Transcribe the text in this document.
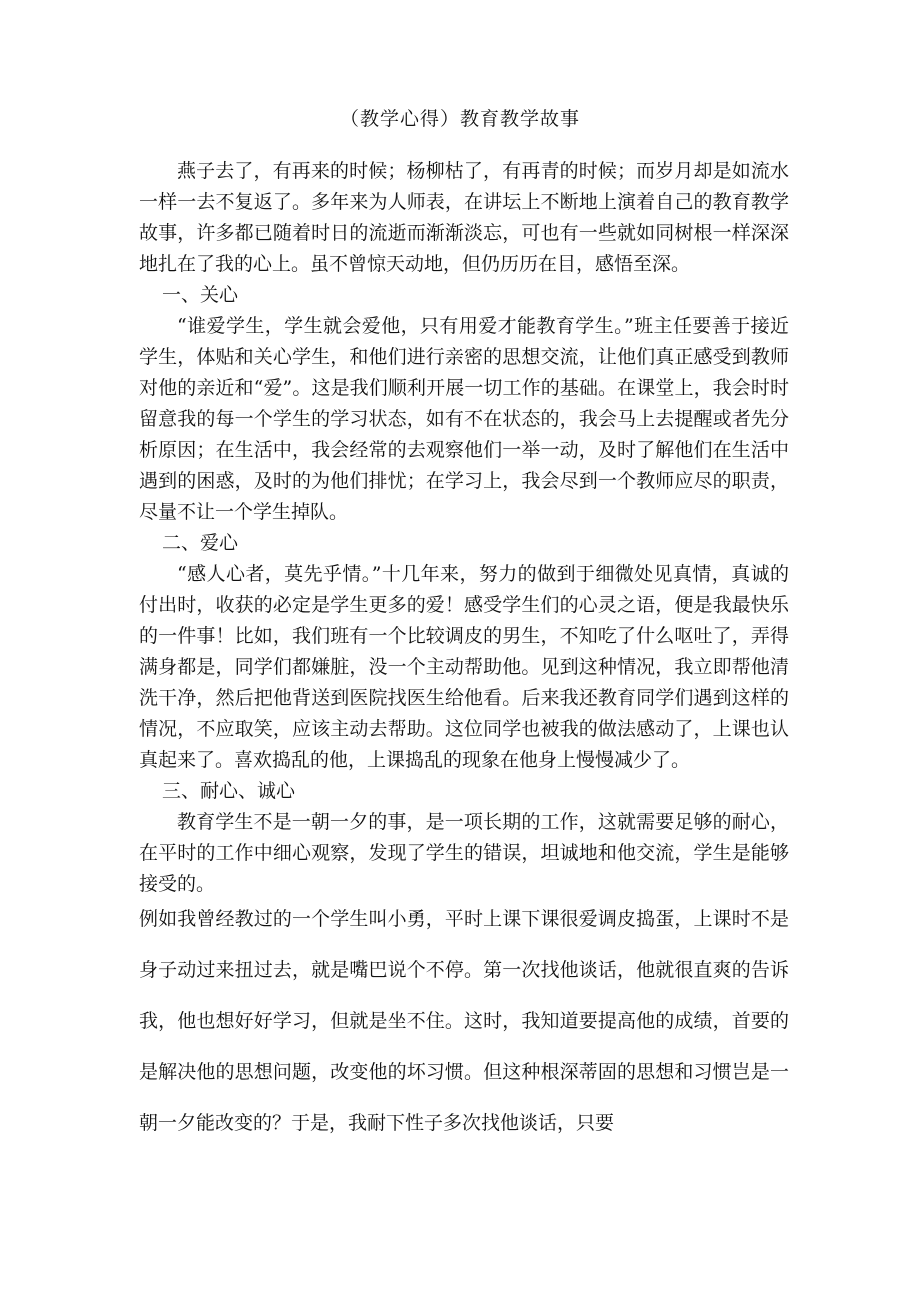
（教学心得）教育教学故事

燕子去了，有再来的时候；杨柳枯了，有再青的时候；而岁月却是如流水一样一去不复返了。多年来为人师表，在讲坛上不断地上演着自己的教育教学故事，许多都已随着时日的流逝而渐渐淡忘，可也有一些就如同树根一样深深地扎在了我的心上。虽不曾惊天动地，但仍历历在目，感悟至深。

一、关心

“谁爱学生，学生就会爱他，只有用爱才能教育学生。”班主任要善于接近学生，体贴和关心学生，和他们进行亲密的思想交流，让他们真正感受到教师对他的亲近和“爱”。这是我们顺利开展一切工作的基础。在课堂上，我会时时留意我的每一个学生的学习状态，如有不在状态的，我会马上去提醒或者先分析原因；在生活中，我会经常的去观察他们一举一动，及时了解他们在生活中遇到的困惑，及时的为他们排忧；在学习上，我会尽到一个教师应尽的职责，尽量不让一个学生掉队。

二、爱心

“感人心者，莫先乎情。”十几年来，努力的做到于细微处见真情，真诚的付出时，收获的必定是学生更多的爱！感受学生们的心灵之语，便是我最快乐的一件事！比如，我们班有一个比较调皮的男生，不知吃了什么呕吐了，弄得满身都是，同学们都嫌脏，没一个主动帮助他。见到这种情况，我立即帮他清洗干净，然后把他背送到医院找医生给他看。后来我还教育同学们遇到这样的情况，不应取笑，应该主动去帮助。这位同学也被我的做法感动了，上课也认真起来了。喜欢捣乱的他，上课捣乱的现象在他身上慢慢减少了。

三、耐心、诚心

教育学生不是一朝一夕的事，是一项长期的工作，这就需要足够的耐心，在平时的工作中细心观察，发现了学生的错误，坦诚地和他交流，学生是能够接受的。

例如我曾经教过的一个学生叫小勇，平时上课下课很爱调皮捣蛋，上课时不是身子动过来扭过去，就是嘴巴说个不停。第一次找他谈话，他就很直爽的告诉我，他也想好好学习，但就是坐不住。这时，我知道要提高他的成绩，首要的是解决他的思想问题，改变他的坏习惯。但这种根深蒂固的思想和习惯岂是一朝一夕能改变的？于是，我耐下性子多次找他谈话，只要
